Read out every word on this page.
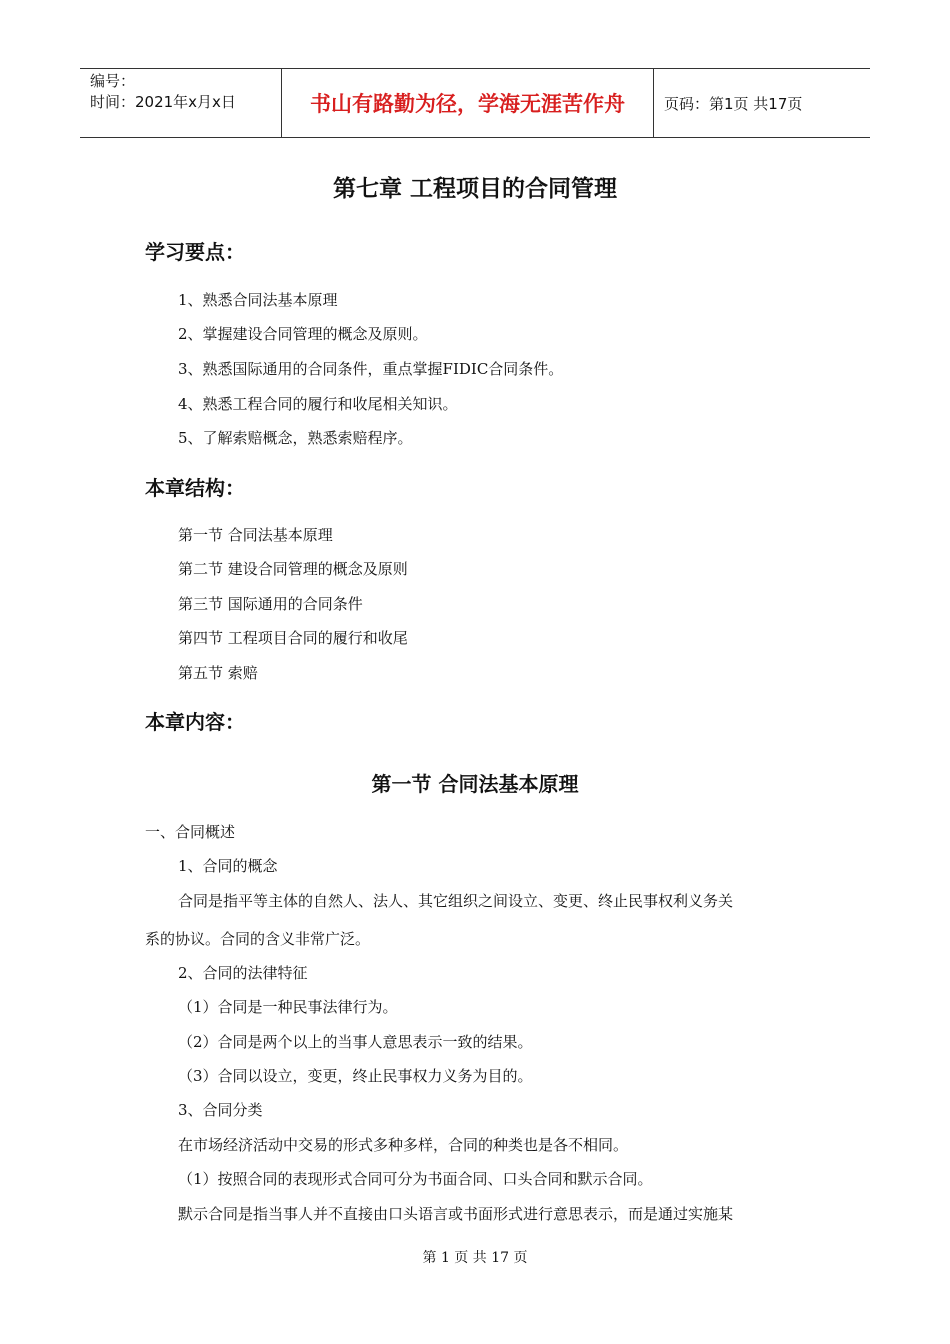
编号：
时间：2021年x月x日	书山有路勤为径，学海无涯苦作舟	页码：第1页 共17页
第七章 工程项目的合同管理
学习要点：
1、熟悉合同法基本原理
2、掌握建设合同管理的概念及原则。
3、熟悉国际通用的合同条件，重点掌握FIDIC合同条件。
4、熟悉工程合同的履行和收尾相关知识。
5、了解索赔概念，熟悉索赔程序。
本章结构：
第一节 合同法基本原理
第二节 建设合同管理的概念及原则
第三节 国际通用的合同条件
第四节 工程项目合同的履行和收尾
第五节 索赔
本章内容：
第一节 合同法基本原理
一、合同概述
1、合同的概念
合同是指平等主体的自然人、法人、其它组织之间设立、变更、终止民事权利义务关
系的协议。合同的含义非常广泛。
2、合同的法律特征
（1）合同是一种民事法律行为。
（2）合同是两个以上的当事人意思表示一致的结果。
（3）合同以设立，变更，终止民事权力义务为目的。
3、合同分类
在市场经济活动中交易的形式多种多样，合同的种类也是各不相同。
（1）按照合同的表现形式合同可分为书面合同、口头合同和默示合同。
默示合同是指当事人并不直接由口头语言或书面形式进行意思表示，而是通过实施某
第 1 页 共 17 页
